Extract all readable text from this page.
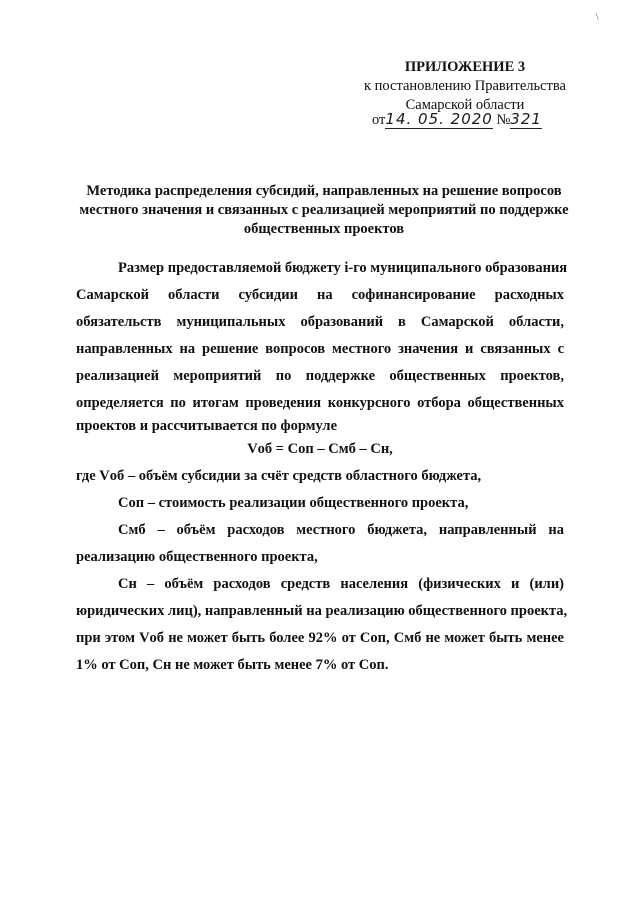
\
ПРИЛОЖЕНИЕ 3
к постановлению Правительства
Самарской области
от14. 05. 2020 №321
Методика распределения субсидий, направленных на решение вопросов
местного значения и связанных с реализацией мероприятий по поддержке
общественных проектов
Размер предоставляемой бюджету i-го муниципального образования
Самарской области субсидии на софинансирование расходных
обязательств муниципальных образований в Самарской области,
направленных на решение вопросов местного значения и связанных с
реализацией мероприятий по поддержке общественных проектов,
определяется по итогам проведения конкурсного отбора общественных
проектов и рассчитывается по формуле
Vоб = Cоп – Cмб – Cн,
где Vоб – объём субсидии за счёт средств областного бюджета,
Cоп – стоимость реализации общественного проекта,
Cмб – объём расходов местного бюджета, направленный на
реализацию общественного проекта,
Cн – объём расходов средств населения (физических и (или)
юридических лиц), направленный на реализацию общественного проекта,
при этом Vоб не может быть более 92% от Cоп, Cмб не может быть менее
1% от Cоп, Cн не может быть менее 7% от Cоп.
